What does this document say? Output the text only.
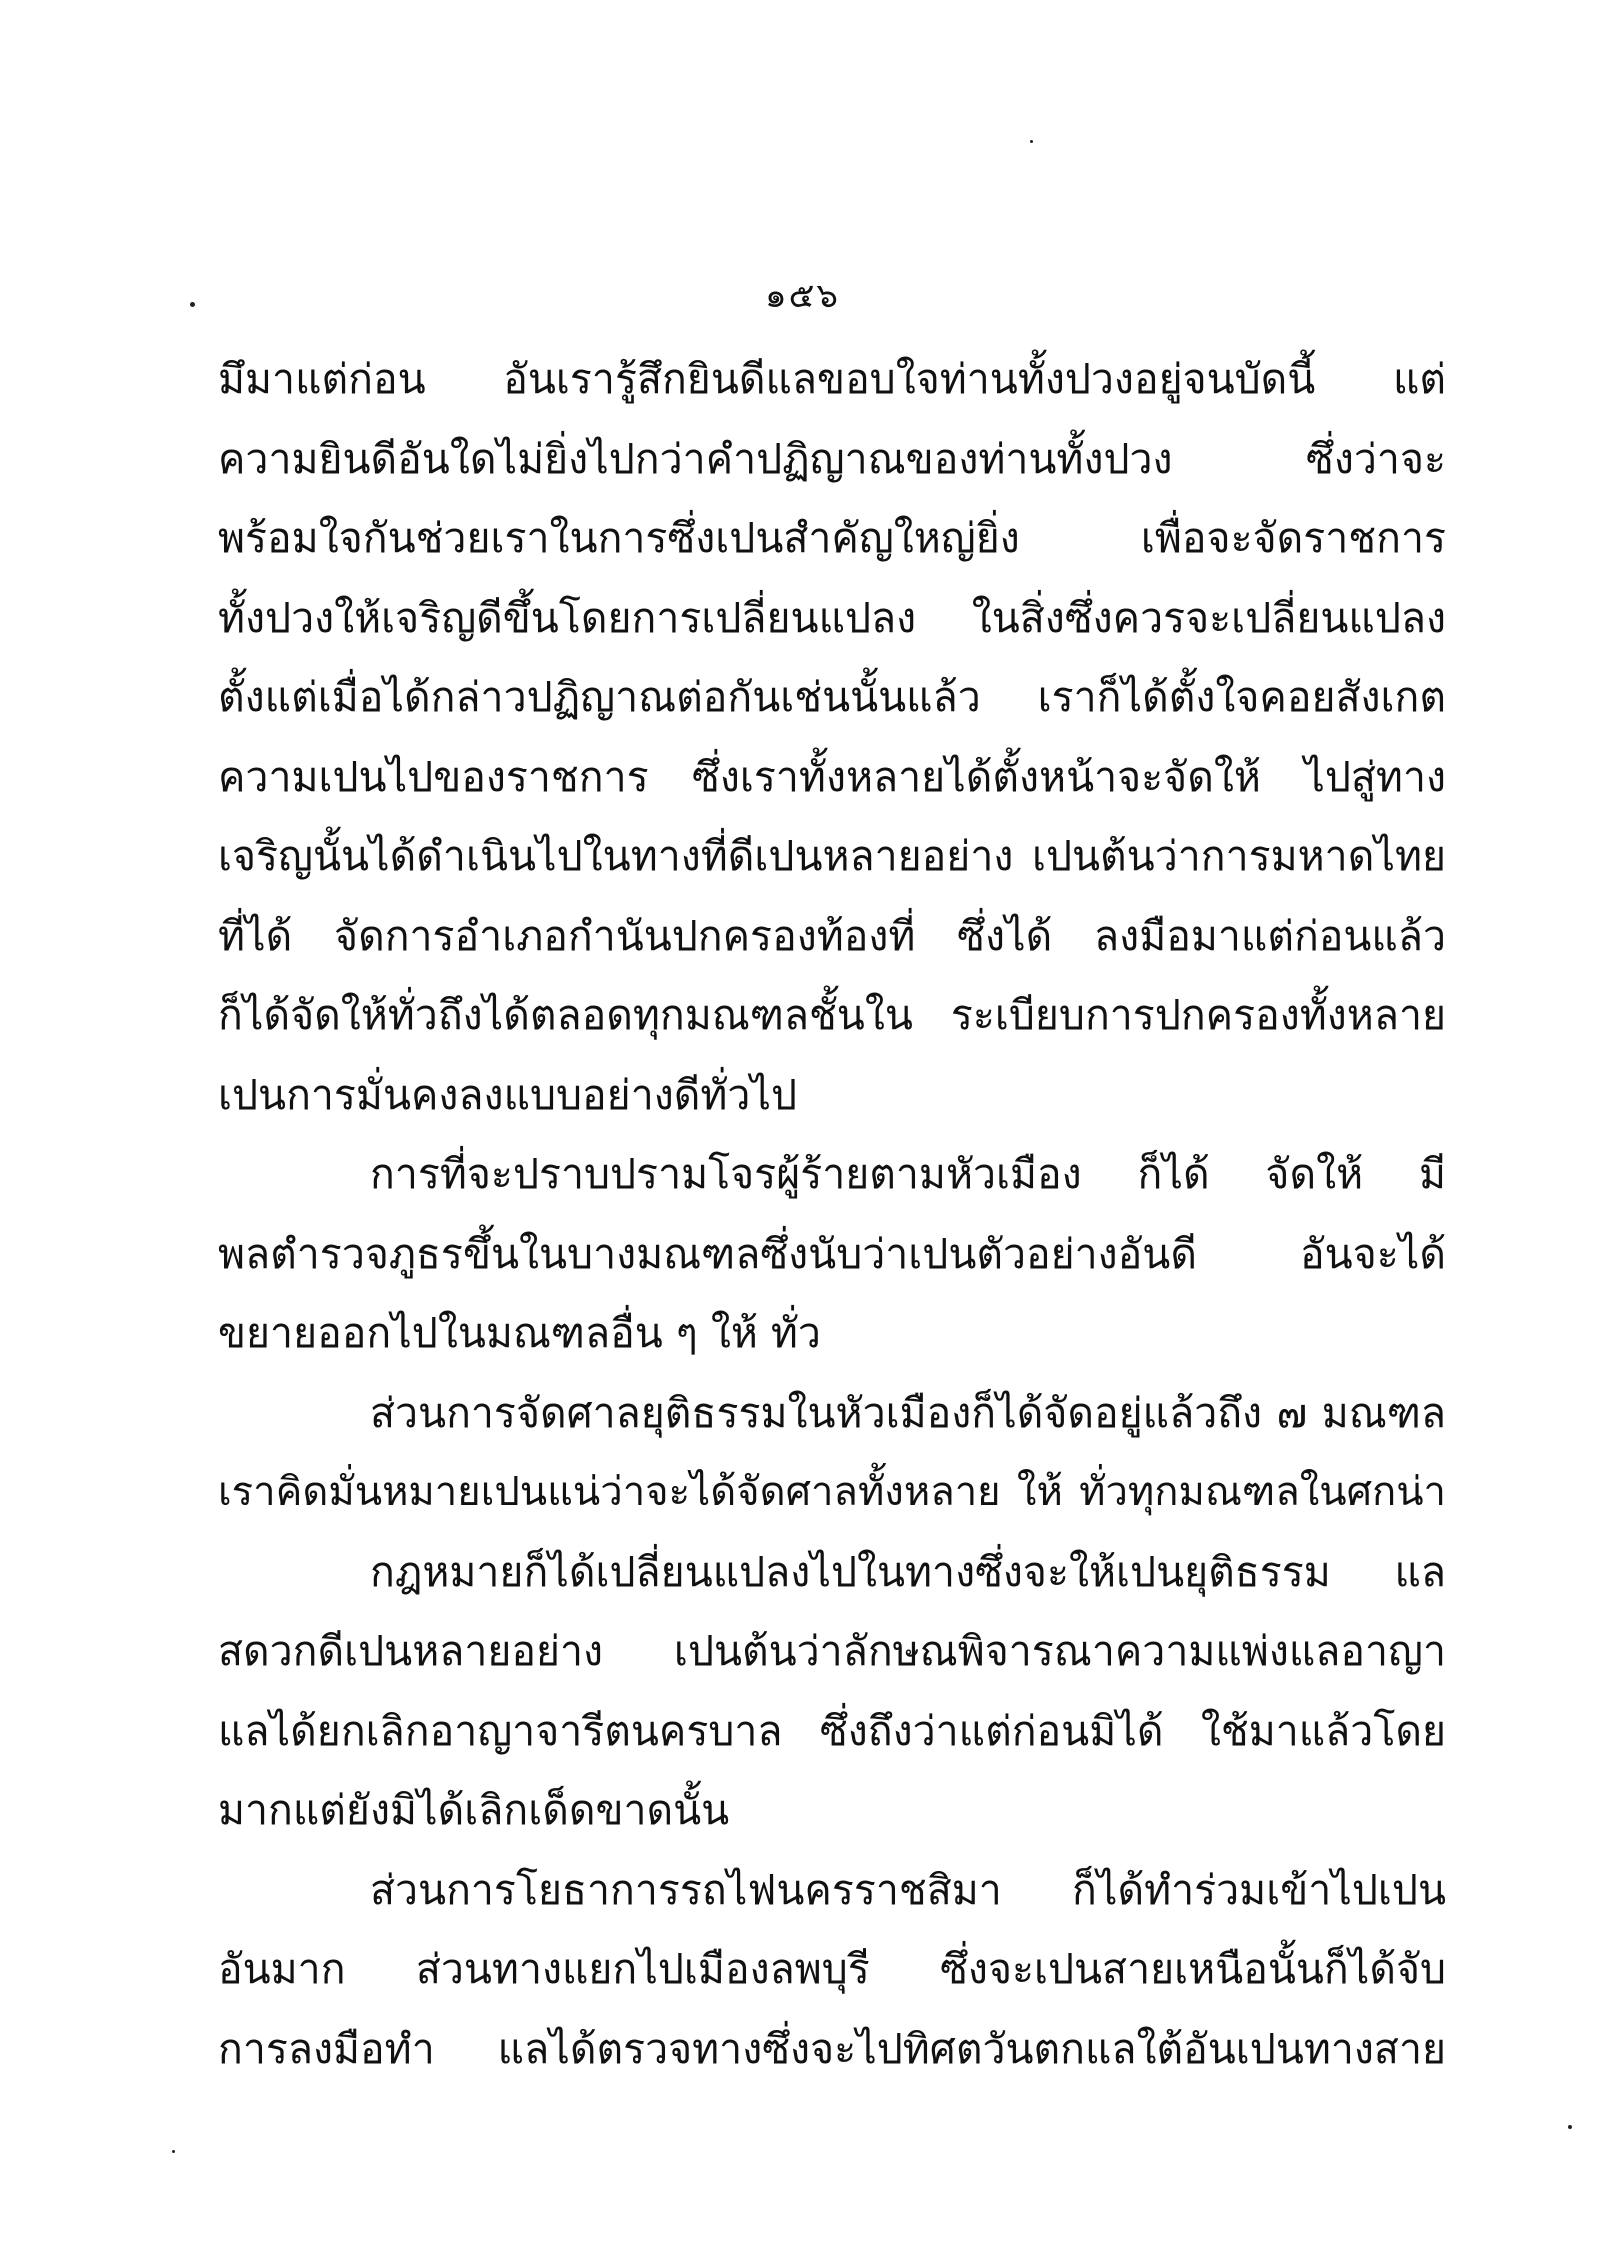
๑๕๖
มึมาแต่ก่อน อันเรารู้สึกยินดีแลขอบใจท่านทั้งปวงอยู่จนบัดนี้ แต่
ความยินดีอันใดไม่ยิ่งไปกว่าคำปฏิญาณของท่านทั้งปวง ซึ่งว่าจะ
พร้อมใจกันช่วยเราในการซึ่งเปนสำคัญใหญ่ยิ่ง เพื่อจะจัดราชการ
ทั้งปวงให้เจริญดีขึ้นโดยการเปลี่ยนแปลง ในสิ่งซึ่งควรจะเปลี่ยนแปลง
ตั้งแต่เมื่อได้กล่าวปฏิญาณต่อกันเช่นนั้นแล้ว เราก็ได้ตั้งใจคอยสังเกต
ความเปนไปของราชการ ซึ่งเราทั้งหลายได้ตั้งหน้าจะจัดให้ ไปสู่ทาง
เจริญนั้นได้ดำเนินไปในทางที่ดีเปนหลายอย่าง เปนต้นว่าการมหาดไทย
ที่ได้ จัดการอำเภอกำนันปกครองท้องที่ ซึ่งได้ ลงมือมาแต่ก่อนแล้ว
ก็ได้จัดให้ทั่วถึงได้ตลอดทุกมณฑลชั้นใน ระเบียบการปกครองทั้งหลาย
เปนการมั่นคงลงแบบอย่างดีทั่วไป
การที่จะปราบปรามโจรผู้ร้ายตามหัวเมือง ก็ได้ จัดให้ มี
พลตำรวจภูธรขึ้นในบางมณฑลซึ่งนับว่าเปนตัวอย่างอันดี อันจะได้
ขยายออกไปในมณฑลอื่น ๆ ให้ ทั่ว
ส่วนการจัดศาลยุติธรรมในหัวเมืองก็ได้จัดอยู่แล้วถึง ๗ มณฑล
เราคิดมั่นหมายเปนแน่ว่าจะได้จัดศาลทั้งหลาย ให้ ทั่วทุกมณฑลในศกน่า
กฎหมายก็ได้เปลี่ยนแปลงไปในทางซึ่งจะให้เปนยุติธรรม แล
สดวกดีเปนหลายอย่าง เปนต้นว่าลักษณพิจารณาความแพ่งแลอาญา
แลได้ยกเลิกอาญาจารีตนครบาล ซึ่งถึงว่าแต่ก่อนมิได้ ใช้มาแล้วโดย
มากแต่ยังมิได้เลิกเด็ดขาดนั้น
ส่วนการโยธาการรถไฟนครราชสิมา ก็ได้ทำร่วมเข้าไปเปน
อันมาก ส่วนทางแยกไปเมืองลพบุรี ซึ่งจะเปนสายเหนือนั้นก็ได้จับ
การลงมือทำ แลได้ตรวจทางซึ่งจะไปทิศตวันตกแลใต้อันเปนทางสาย
